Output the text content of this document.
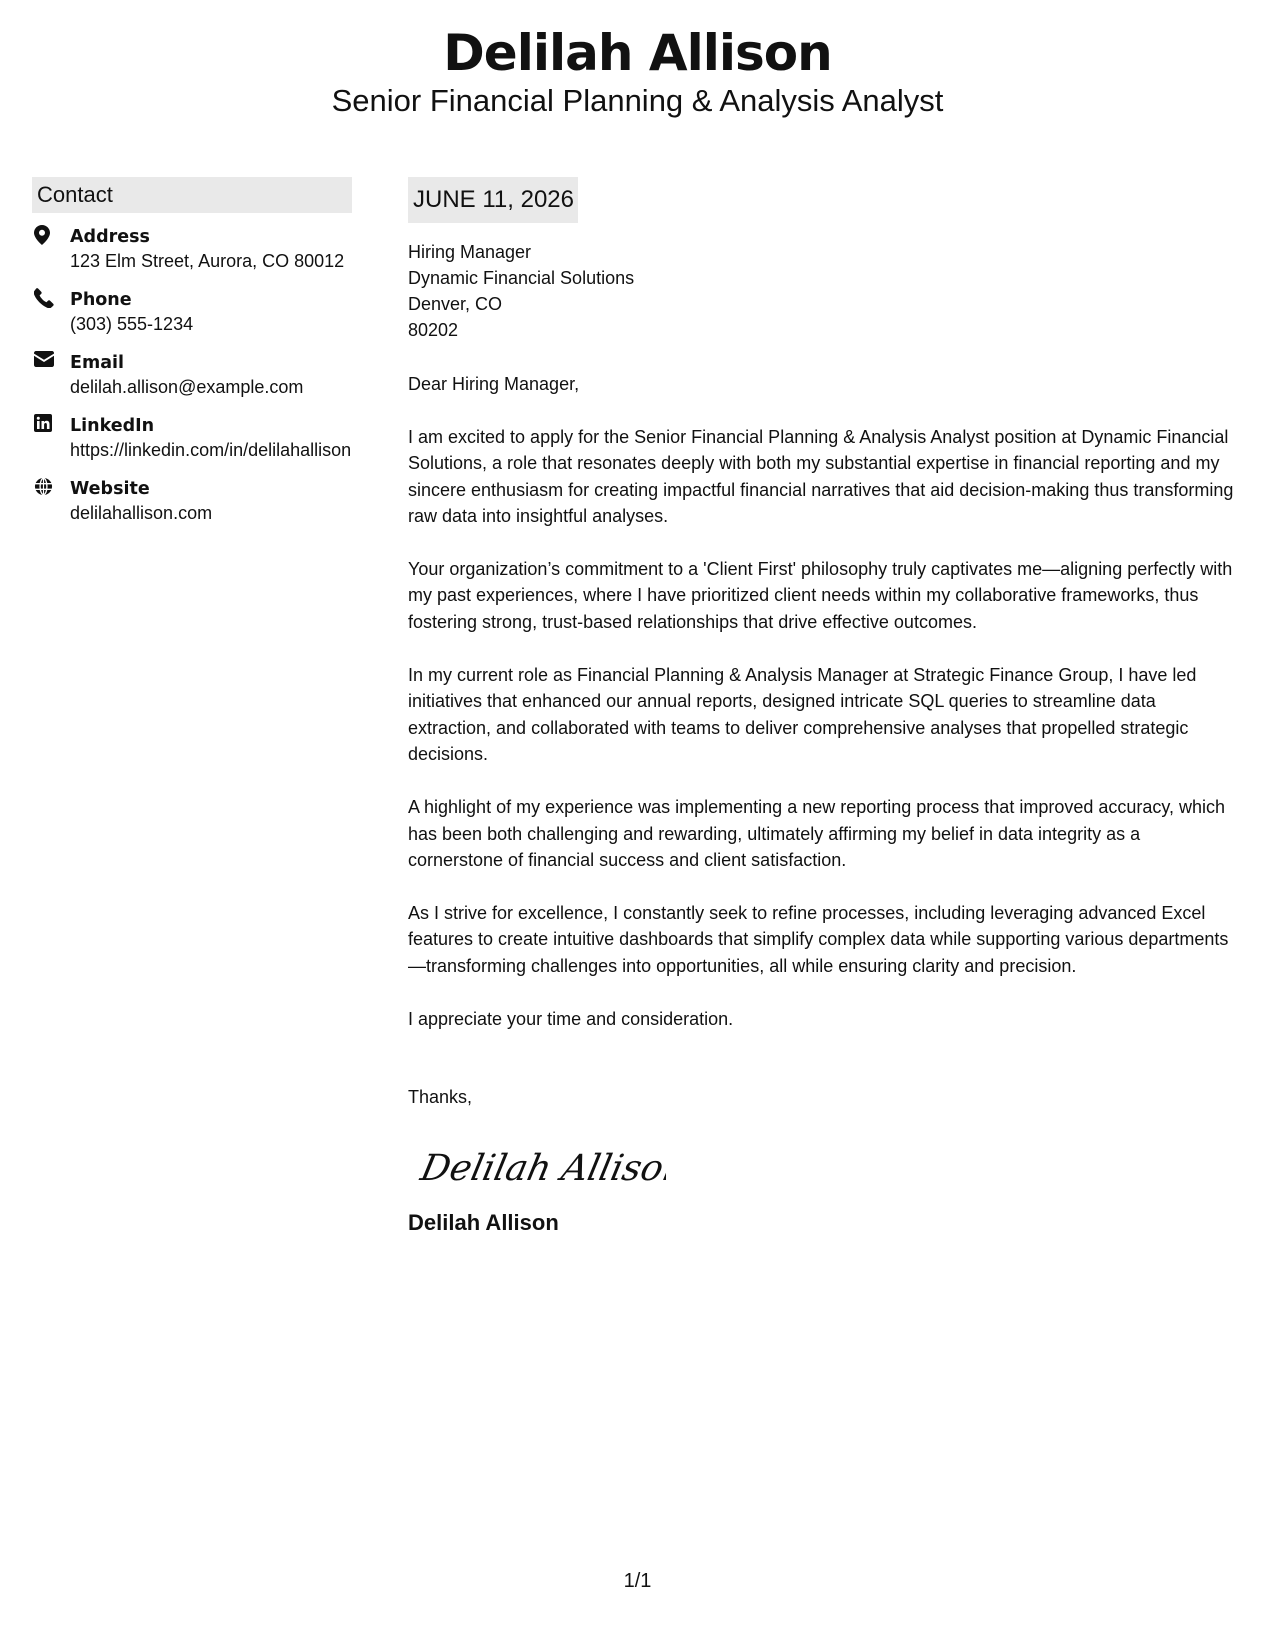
Delilah Allison
Senior Financial Planning & Analysis Analyst
Contact
Address
123 Elm Street, Aurora, CO 80012
Phone
(303) 555-1234
Email
delilah.allison@example.com
LinkedIn
https://linkedin.com/in/delilahallison
Website
delilahallison.com
JUNE 11, 2026
Hiring Manager
Dynamic Financial Solutions
Denver, CO
80202
Dear Hiring Manager,
I am excited to apply for the Senior Financial Planning & Analysis Analyst position at Dynamic Financial Solutions, a role that resonates deeply with both my substantial expertise in financial reporting and my sincere enthusiasm for creating impactful financial narratives that aid decision-making thus transforming raw data into insightful analyses.
Your organization’s commitment to a 'Client First' philosophy truly captivates me—aligning perfectly with my past experiences, where I have prioritized client needs within my collaborative frameworks, thus fostering strong, trust-based relationships that drive effective outcomes.
In my current role as Financial Planning & Analysis Manager at Strategic Finance Group, I have led initiatives that enhanced our annual reports, designed intricate SQL queries to streamline data extraction, and collaborated with teams to deliver comprehensive analyses that propelled strategic decisions.
A highlight of my experience was implementing a new reporting process that improved accuracy, which has been both challenging and rewarding, ultimately affirming my belief in data integrity as a cornerstone of financial success and client satisfaction.
As I strive for excellence, I constantly seek to refine processes, including leveraging advanced Excel features to create intuitive dashboards that simplify complex data while supporting various departments—transforming challenges into opportunities, all while ensuring clarity and precision.
I appreciate your time and consideration.
Thanks,
Delilah Allison
Delilah Allison
1/1
